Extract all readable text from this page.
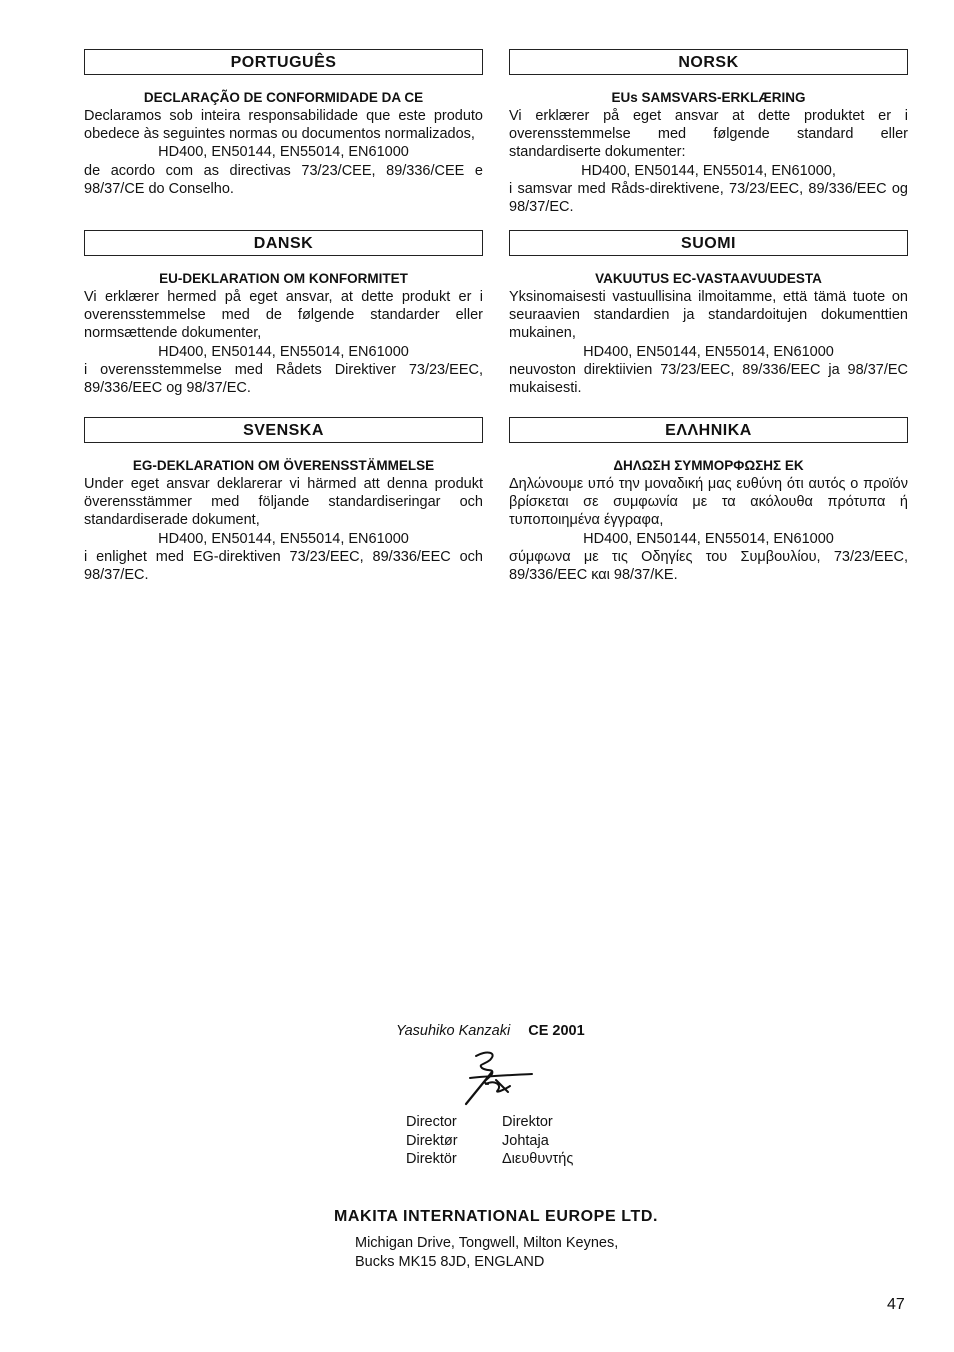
PORTUGUÊS
DECLARAÇÃO DE CONFORMIDADE DA CE
Declaramos sob inteira responsabilidade que este produto obedece às seguintes normas ou documentos normalizados,
HD400, EN50144, EN55014, EN61000
de acordo com as directivas 73/23/CEE, 89/336/CEE e 98/37/CE do Conselho.
NORSK
EUs SAMSVARS-ERKLÆRING
Vi erklærer på eget ansvar at dette produktet er i overensstemmelse med følgende standard eller standardiserte dokumenter:
HD400, EN50144, EN55014, EN61000,
i samsvar med Råds-direktivene, 73/23/EEC, 89/336/EEC og 98/37/EC.
DANSK
EU-DEKLARATION OM KONFORMITET
Vi erklærer hermed på eget ansvar, at dette produkt er i overensstemmelse med de følgende standarder eller normsættende dokumenter,
HD400, EN50144, EN55014, EN61000
i overensstemmelse med Rådets Direktiver 73/23/EEC, 89/336/EEC og 98/37/EC.
SUOMI
VAKUUTUS EC-VASTAAVUUDESTA
Yksinomaisesti vastuullisina ilmoitamme, että tämä tuote on seuraavien standardien ja standardoitujen dokumenttien mukainen,
HD400, EN50144, EN55014, EN61000
neuvoston direktiivien 73/23/EEC, 89/336/EEC ja 98/37/EC mukaisesti.
SVENSKA
EG-DEKLARATION OM ÖVERENSSTÄMMELSE
Under eget ansvar deklarerar vi härmed att denna produkt överensstämmer med följande standardiseringar och standardiserade dokument,
HD400, EN50144, EN55014, EN61000
i enlighet med EG-direktiven 73/23/EEC, 89/336/EEC och 98/37/EC.
ΕΛΛΗΝΙΚΑ
ΔΗΛΩΣΗ ΣΥΜΜΟΡΦΩΣΗΣ ΕΚ
Δηλώνουμε υπό την μοναδική μας ευθύνη ότι αυτός ο προϊόν βρίσκεται σε συμφωνία με τα ακόλουθα πρότυπα ή τυποποιημένα έγγραφα,
HD400, EN50144, EN55014, EN61000
σύμφωνα με τις Οδηγίες του Συμβουλίου, 73/23/EEC, 89/336/EEC και 98/37/KE.
Yasuhiko Kanzaki CE 2001
Director
Direktør
Direktör
Direktor
Johtaja
Διευθυντής
MAKITA INTERNATIONAL EUROPE LTD.
Michigan Drive, Tongwell, Milton Keynes,
Bucks MK15 8JD, ENGLAND
47
